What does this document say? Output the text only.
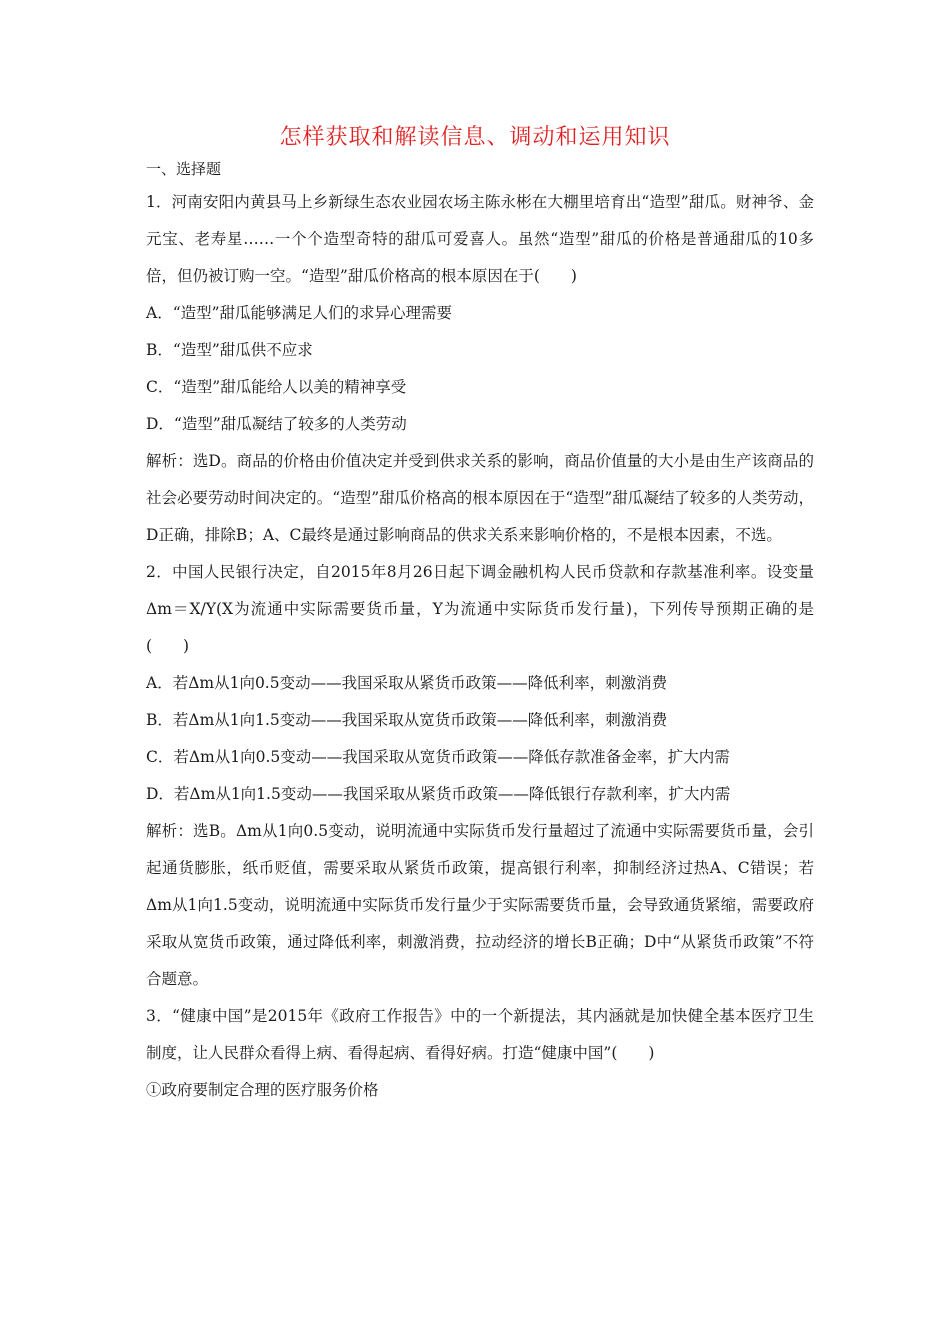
怎样获取和解读信息、调动和运用知识
一、选择题

1．河南安阳内黄县马上乡新绿生态农业园农场主陈永彬在大棚里培育出“造型”甜瓜。财神爷、金元宝、老寿星……一个个造型奇特的甜瓜可爱喜人。虽然“造型”甜瓜的价格是普通甜瓜的10多倍，但仍被订购一空。“造型”甜瓜价格高的根本原因在于(　　)

A．“造型”甜瓜能够满足人们的求异心理需要

B．“造型”甜瓜供不应求

C．“造型”甜瓜能给人以美的精神享受

D．“造型”甜瓜凝结了较多的人类劳动

解析：选D。商品的价格由价值决定并受到供求关系的影响，商品价值量的大小是由生产该商品的社会必要劳动时间决定的。“造型”甜瓜价格高的根本原因在于“造型”甜瓜凝结了较多的人类劳动，D正确，排除B；A、C最终是通过影响商品的供求关系来影响价格的，不是根本因素，不选。

2．中国人民银行决定，自2015年8月26日起下调金融机构人民币贷款和存款基准利率。设变量Δm＝X/Y(X为流通中实际需要货币量，Y为流通中实际货币发行量)，下列传导预期正确的是(　　)

A．若Δm从1向0.5变动——我国采取从紧货币政策——降低利率，刺激消费

B．若Δm从1向1.5变动——我国采取从宽货币政策——降低利率，刺激消费

C．若Δm从1向0.5变动——我国采取从宽货币政策——降低存款准备金率，扩大内需

D．若Δm从1向1.5变动——我国采取从紧货币政策——降低银行存款利率，扩大内需

解析：选B。Δm从1向0.5变动，说明流通中实际货币发行量超过了流通中实际需要货币量，会引起通货膨胀，纸币贬值，需要采取从紧货币政策，提高银行利率，抑制经济过热A、C错误；若Δm从1向1.5变动，说明流通中实际货币发行量少于实际需要货币量，会导致通货紧缩，需要政府采取从宽货币政策，通过降低利率，刺激消费，拉动经济的增长B正确；D中“从紧货币政策”不符合题意。

3．“健康中国”是2015年《政府工作报告》中的一个新提法，其内涵就是加快健全基本医疗卫生制度，让人民群众看得上病、看得起病、看得好病。打造“健康中国”(　　)

①政府要制定合理的医疗服务价格
